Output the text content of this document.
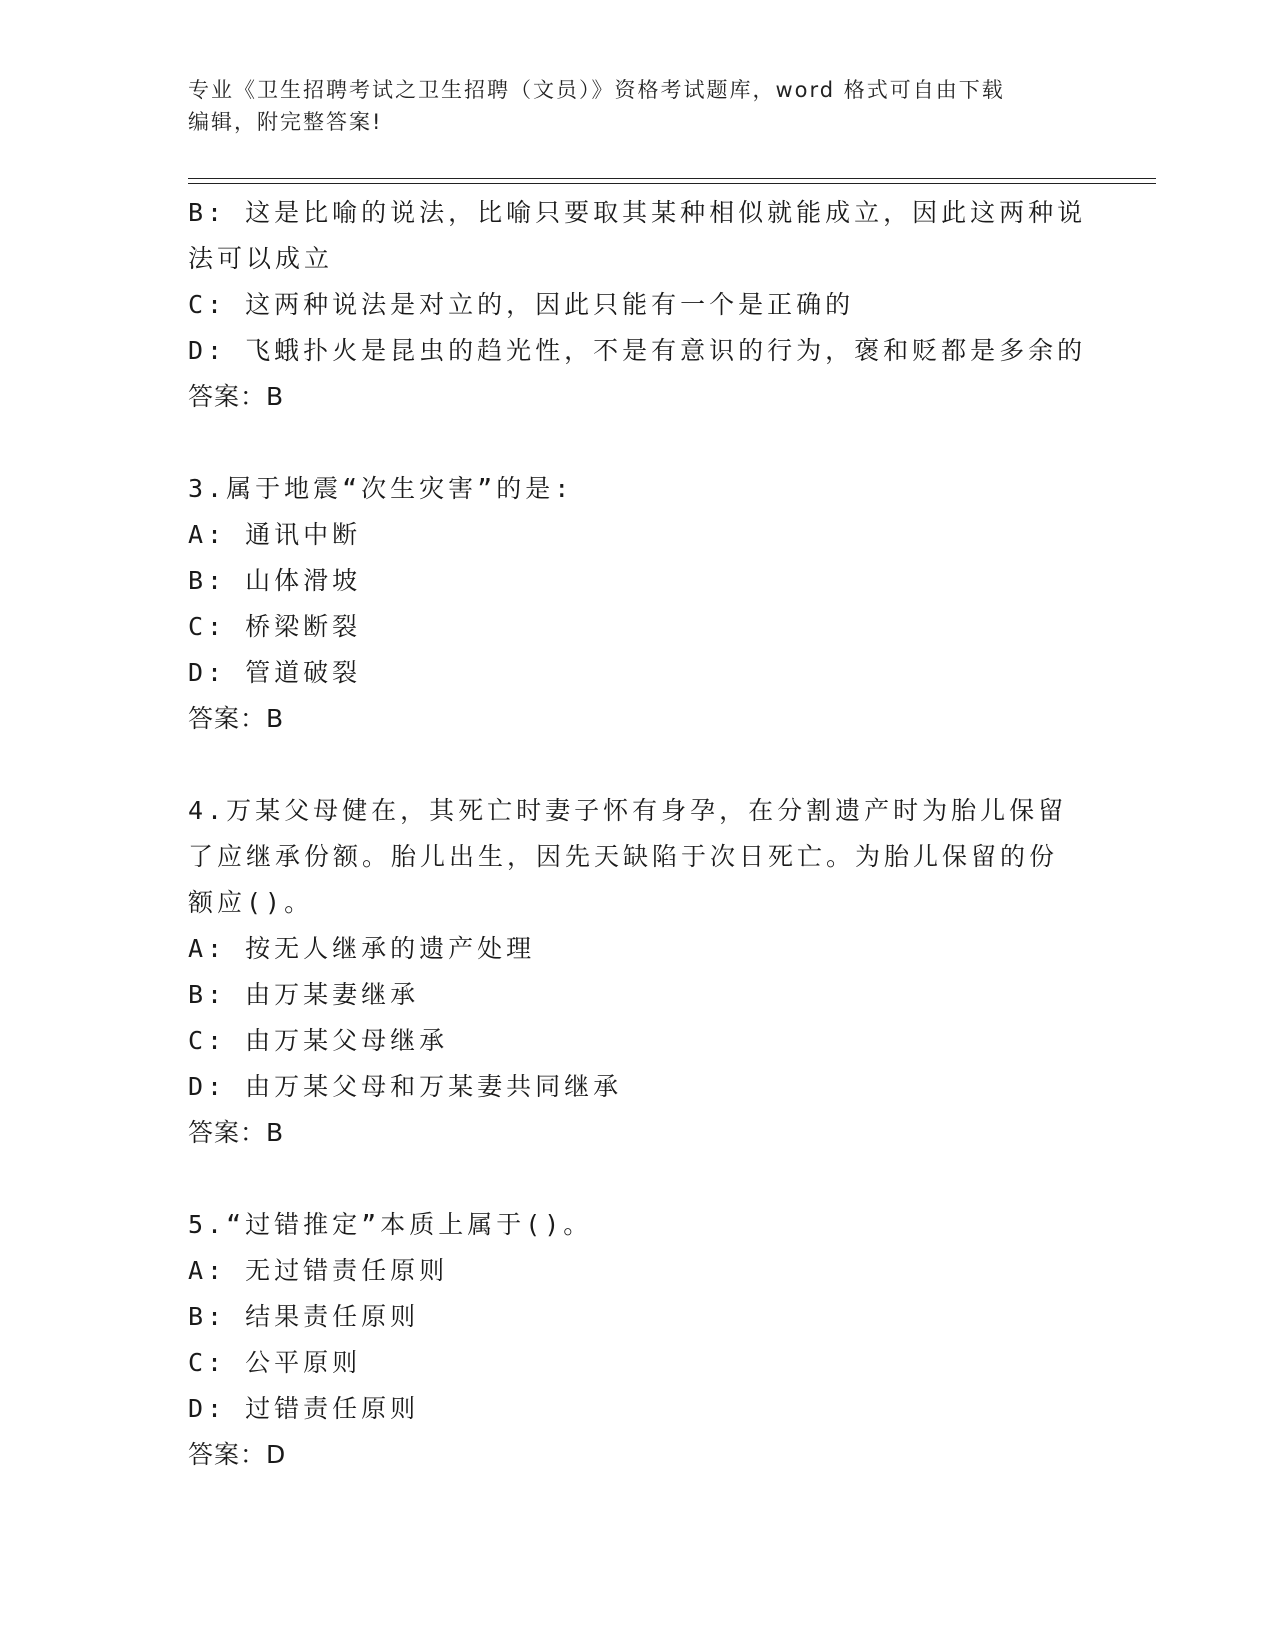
专业《卫生招聘考试之卫生招聘（文员）》资格考试题库，word 格式可自由下载
编辑，附完整答案!
B: 这是比喻的说法，比喻只要取其某种相似就能成立，因此这两种说
法可以成立
C: 这两种说法是对立的，因此只能有一个是正确的
D: 飞蛾扑火是昆虫的趋光性，不是有意识的行为，褒和贬都是多余的
答案：B
3.属于地震“次生灾害”的是:
A: 通讯中断
B: 山体滑坡
C: 桥梁断裂
D: 管道破裂
答案：B
4.万某父母健在，其死亡时妻子怀有身孕，在分割遗产时为胎儿保留
了应继承份额。胎儿出生，因先天缺陷于次日死亡。为胎儿保留的份
额应()。
A: 按无人继承的遗产处理
B: 由万某妻继承
C: 由万某父母继承
D: 由万某父母和万某妻共同继承
答案：B
5.“过错推定”本质上属于()。
A: 无过错责任原则
B: 结果责任原则
C: 公平原则
D: 过错责任原则
答案：D
